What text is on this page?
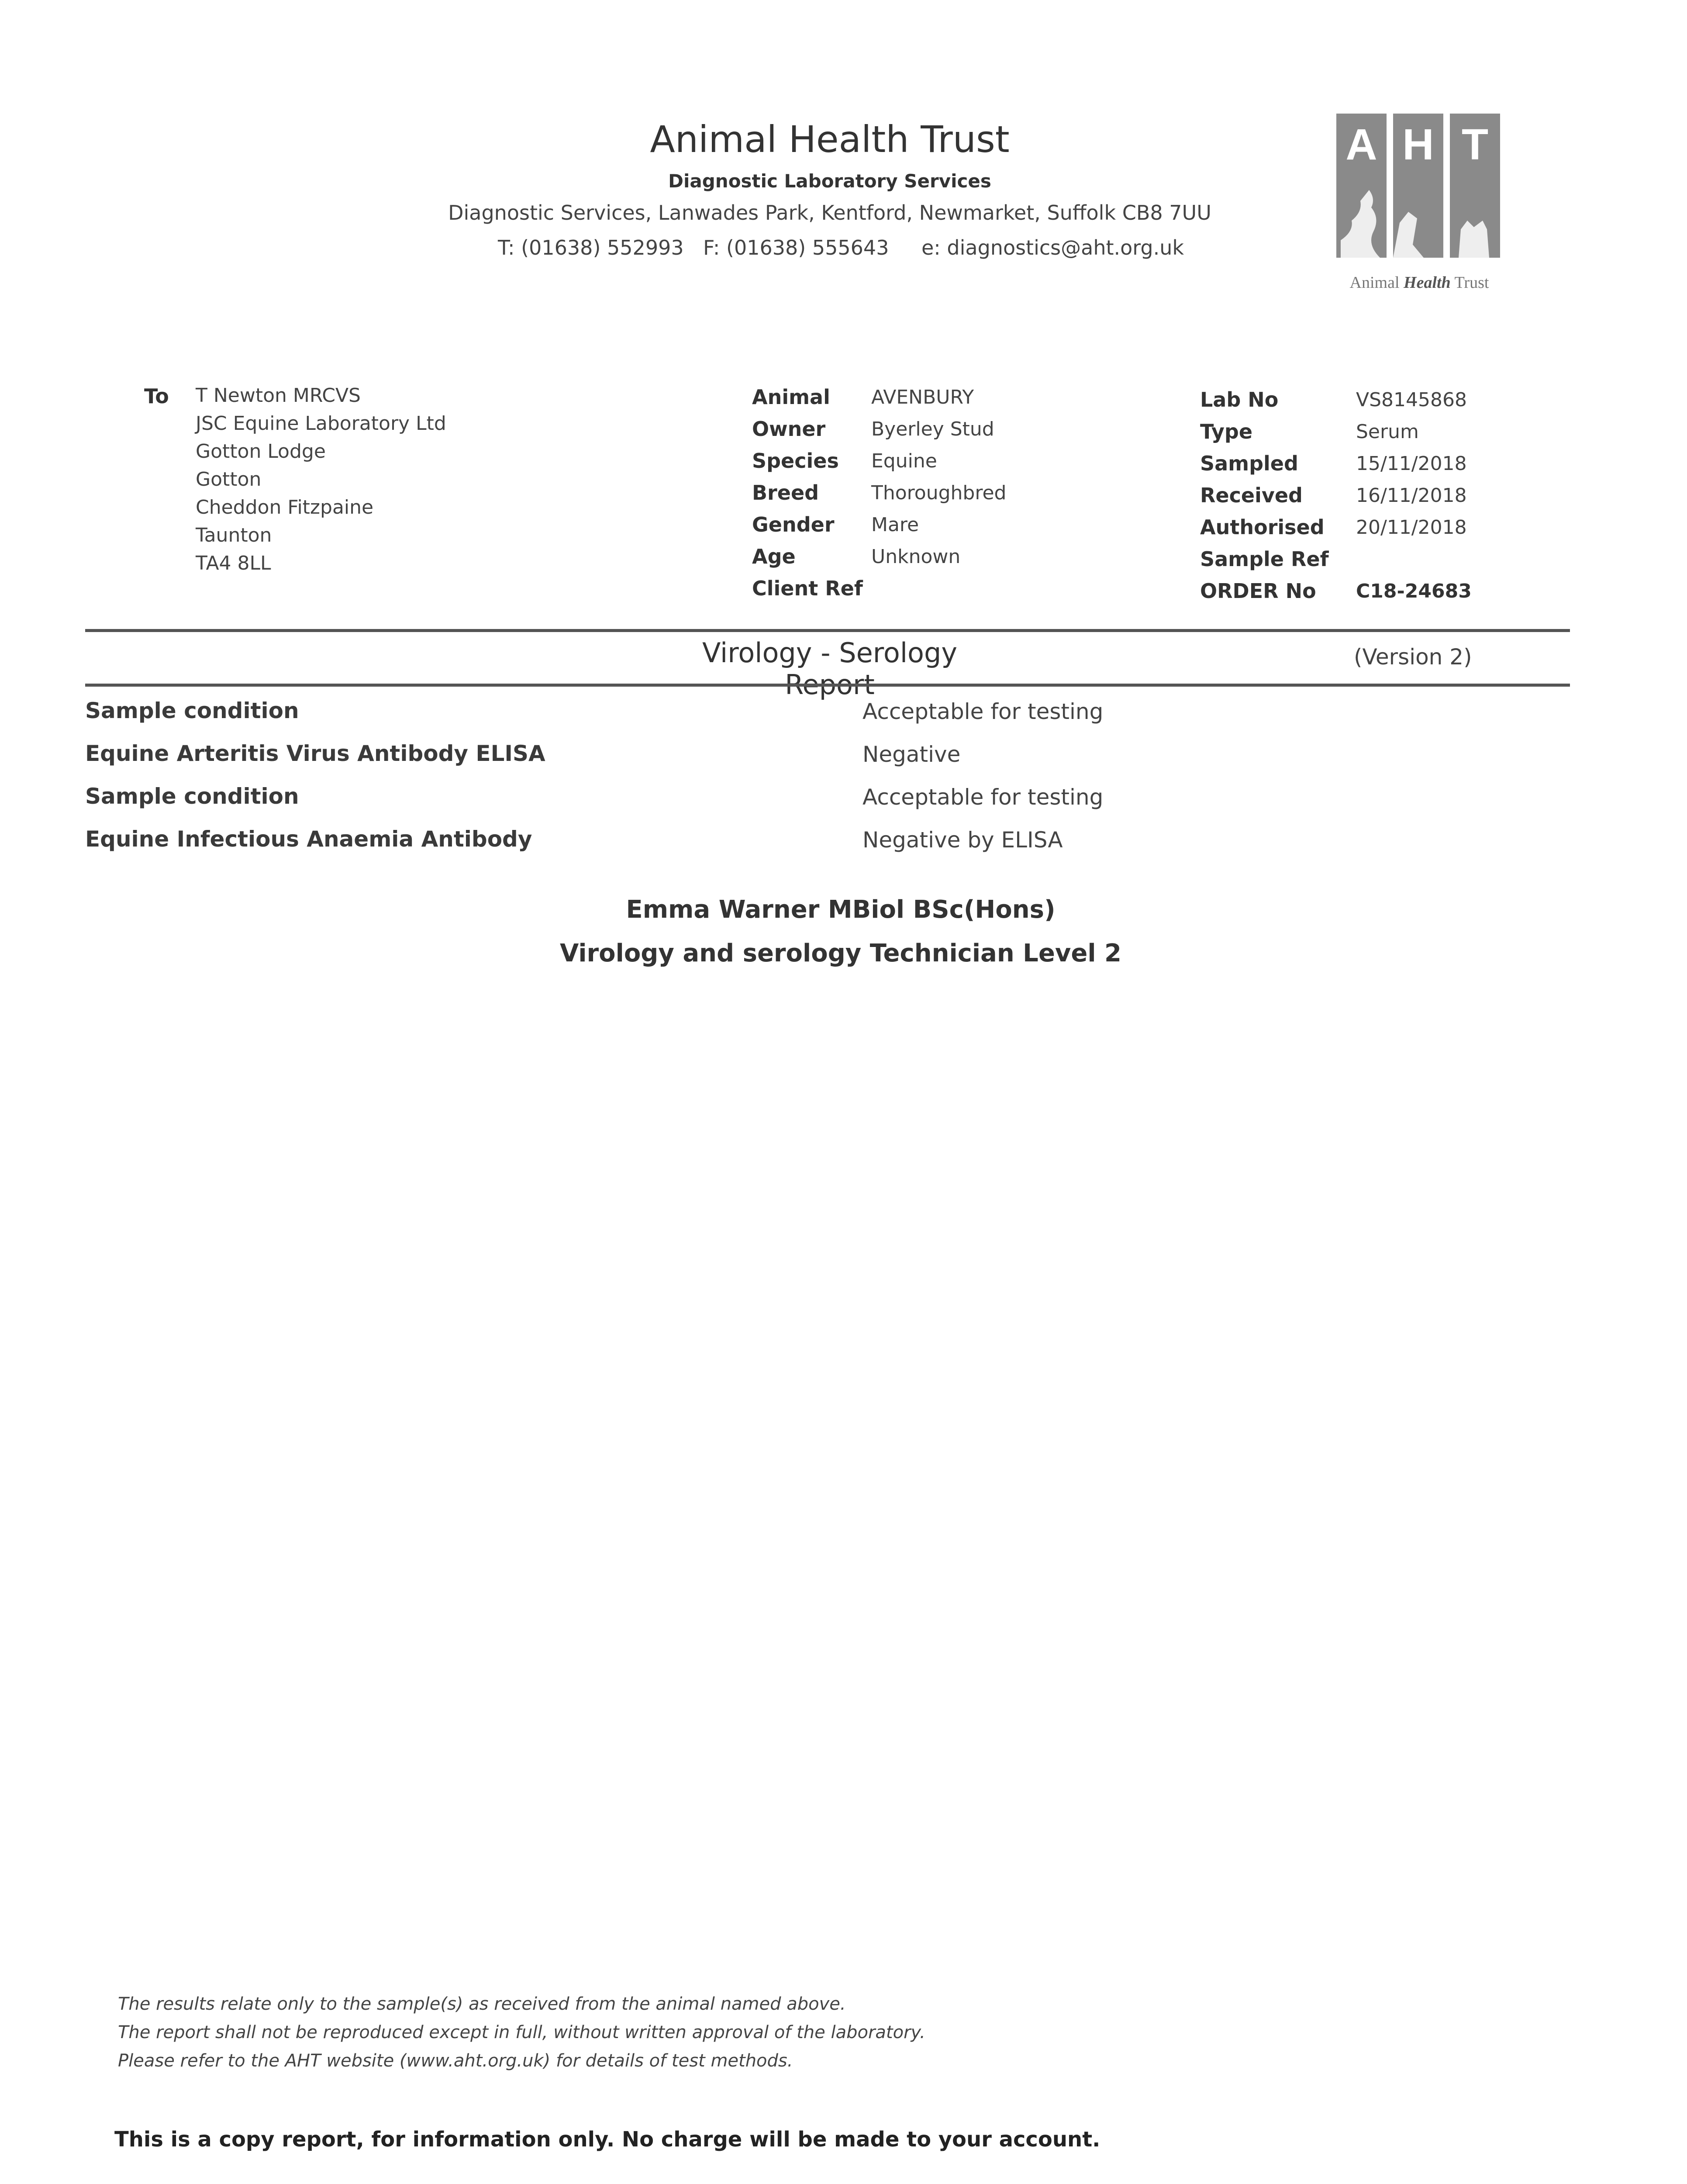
Animal Health Trust
Diagnostic Laboratory Services
Diagnostic Services, Lanwades Park, Kentford, Newmarket, Suffolk CB8 7UU
T: (01638) 552993 F: (01638) 555643 e: diagnostics@aht.org.uk
A H T
Animal Health Trust
To T Newton MRCVS
JSC Equine Laboratory Ltd
Gotton Lodge
Gotton
Cheddon Fitzpaine
Taunton
TA4 8LL
Animal AVENBURY
Owner Byerley Stud
Species Equine
Breed	Thoroughbred
Gender Mare
Age	Unknown
Client Ref
Lab No	VS8145868
Type	Serum
Sampled	15/11/2018
Received	16/11/2018
Authorised 20/11/2018
Sample Ref
ORDER No C18-24683
Virology - Serology Report
(Version 2)
Sample condition	Acceptable for testing
Equine Arteritis Virus Antibody ELISA	Negative
Sample condition	Acceptable for testing
Equine Infectious Anaemia Antibody	Negative by ELISA
Emma Warner MBiol BSc(Hons)
Virology and serology Technician Level 2
The results relate only to the sample(s) as received from the animal named above.
The report shall not be reproduced except in full, without written approval of the laboratory.
Please refer to the AHT website (www.aht.org.uk) for details of test methods.
This is a copy report, for information only. No charge will be made to your account.
